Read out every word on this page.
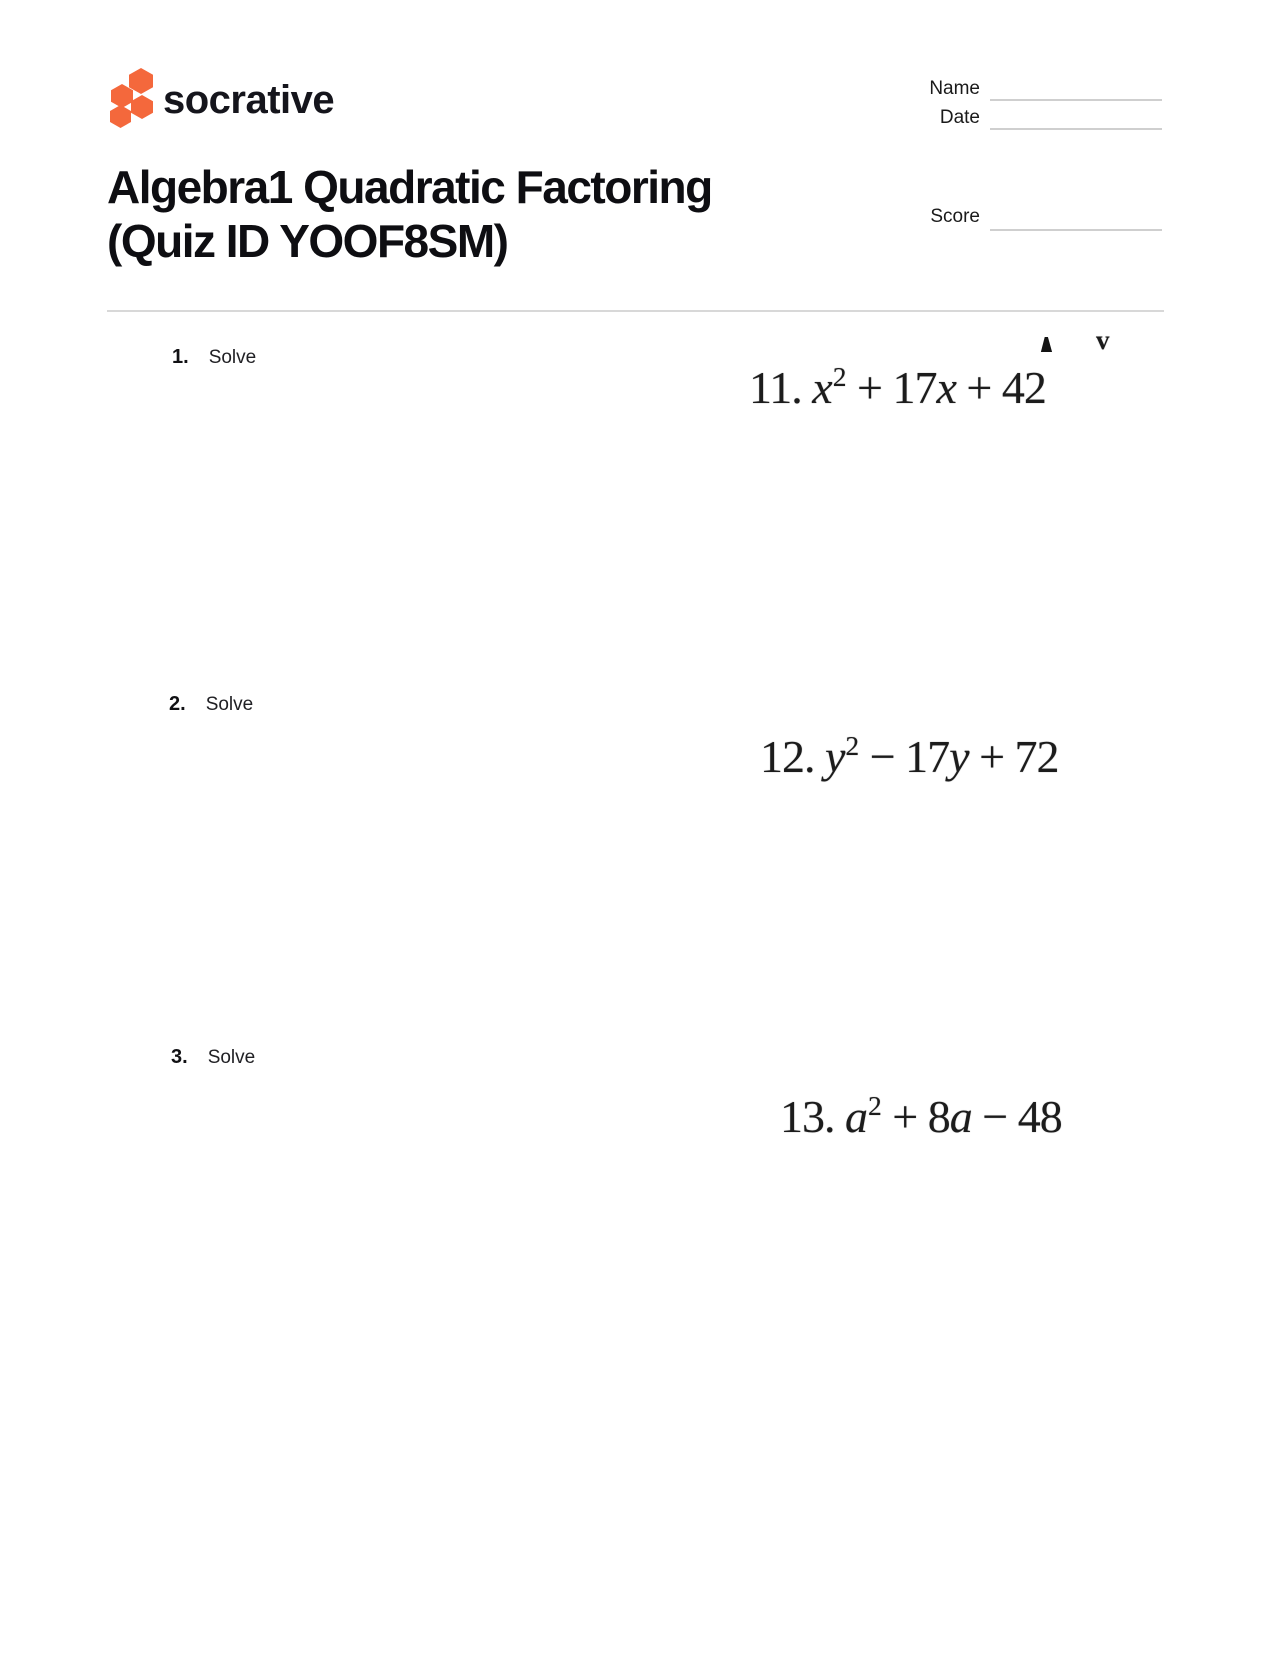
socrative	Name
Date
Score
Algebra1 Quadratic Factoring
(Quiz ID YOOF8SM)
1. Solve
11. $x^2 + 17x + 42$
v
2. Solve
12. $y^2 - 17y + 72$
3. Solve
13. $a^2 + 8a - 48$
